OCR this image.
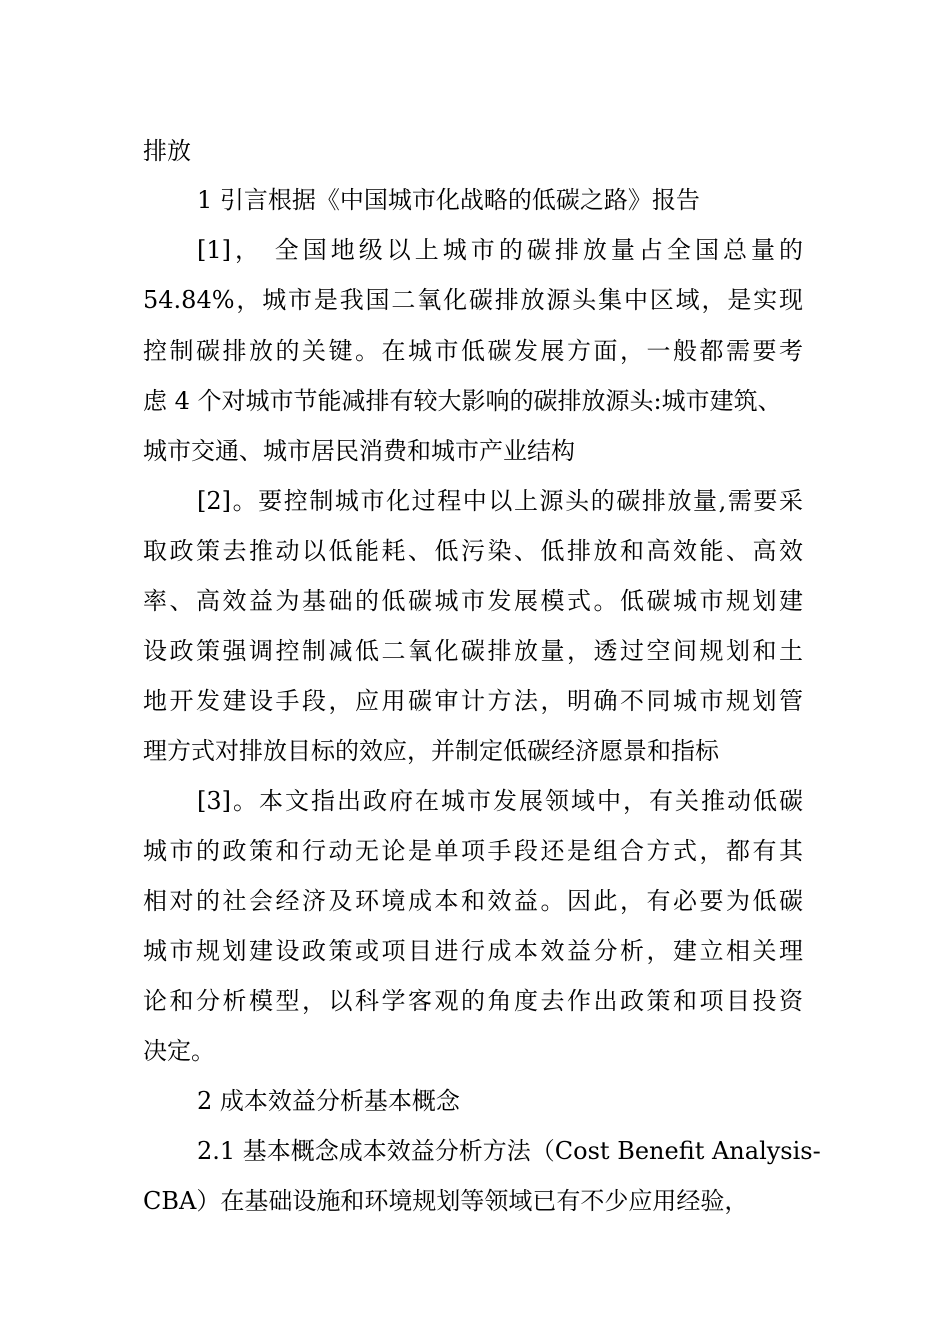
排放
1 引言根据《中国城市化战略的低碳之路》报告
[1]， 全国地级以上城市的碳排放量占全国总量的
54.84%，城市是我国二氧化碳排放源头集中区域，是实现
控制碳排放的关键。在城市低碳发展方面，一般都需要考
虑 4 个对城市节能减排有较大影响的碳排放源头:城市建筑、
城市交通、城市居民消费和城市产业结构
[2]。要控制城市化过程中以上源头的碳排放量,需要采
取政策去推动以低能耗、低污染、低排放和高效能、高效
率、高效益为基础的低碳城市发展模式。低碳城市规划建
设政策强调控制减低二氧化碳排放量，透过空间规划和土
地开发建设手段，应用碳审计方法，明确不同城市规划管
理方式对排放目标的效应，并制定低碳经济愿景和指标
[3]。本文指出政府在城市发展领域中，有关推动低碳
城市的政策和行动无论是单项手段还是组合方式，都有其
相对的社会经济及环境成本和效益。因此，有必要为低碳
城市规划建设政策或项目进行成本效益分析，建立相关理
论和分析模型，以科学客观的角度去作出政策和项目投资
决定。
2 成本效益分析基本概念
2.1 基本概念成本效益分析方法（Cost Benefit Analysis-
CBA）在基础设施和环境规划等领域已有不少应用经验，
